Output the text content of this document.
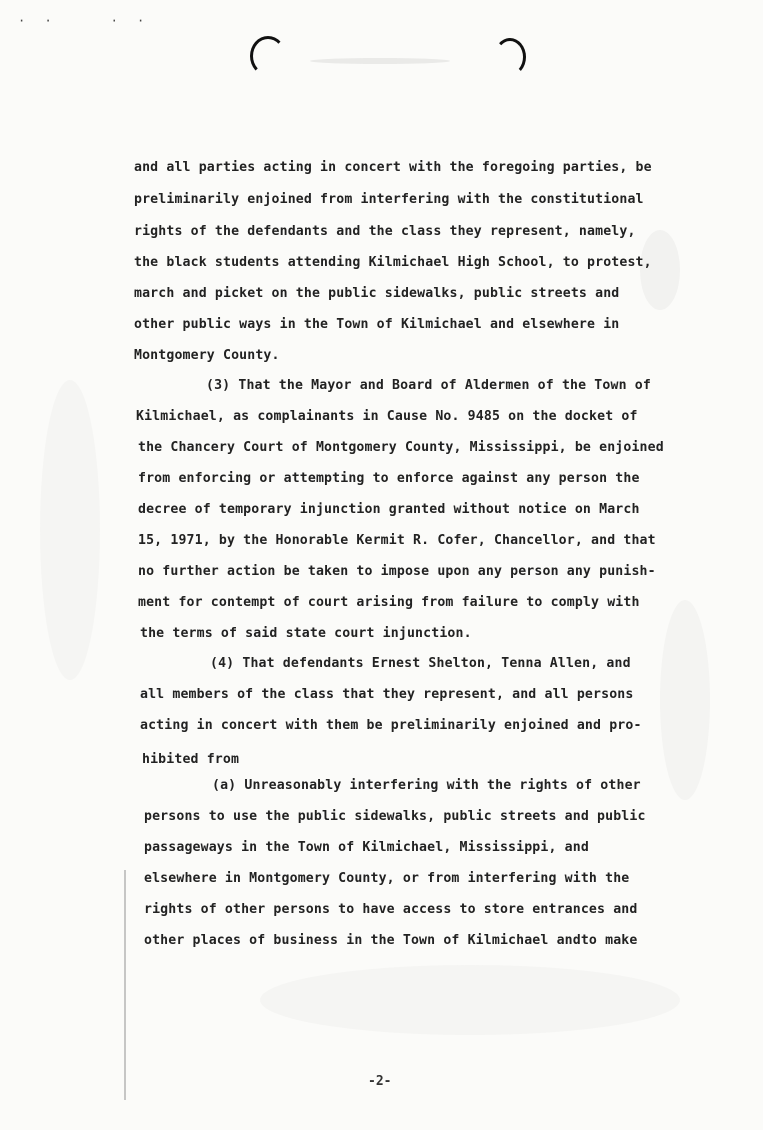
· ·    · ·
and all parties acting in concert with the foregoing parties, be
preliminarily enjoined from interfering with the constitutional
rights of the defendants and the class they represent, namely,
the black students attending Kilmichael High School, to protest,
march and picket on the public sidewalks, public streets and
other public ways in the Town of Kilmichael and elsewhere in
Montgomery County.
(3) That the Mayor and Board of Aldermen of the Town of
Kilmichael, as complainants in Cause No. 9485 on the docket of
the Chancery Court of Montgomery County, Mississippi, be enjoined
from enforcing or attempting to enforce against any person the
decree of temporary injunction granted without notice on March
15, 1971, by the Honorable Kermit R. Cofer, Chancellor, and that
no further action be taken to impose upon any person any punish-
ment for contempt of court arising from failure to comply with
the terms of said state court injunction.
(4) That defendants Ernest Shelton, Tenna Allen, and
all members of the class that they represent, and all persons
acting in concert with them be preliminarily enjoined and pro-
hibited from
(a) Unreasonably interfering with the rights of other
persons to use the public sidewalks, public streets and public
passageways in the Town of Kilmichael, Mississippi, and
elsewhere in Montgomery County, or from interfering with the
rights of other persons to have access to store entrances and
other places of business in the Town of Kilmichael andto make
-2-
